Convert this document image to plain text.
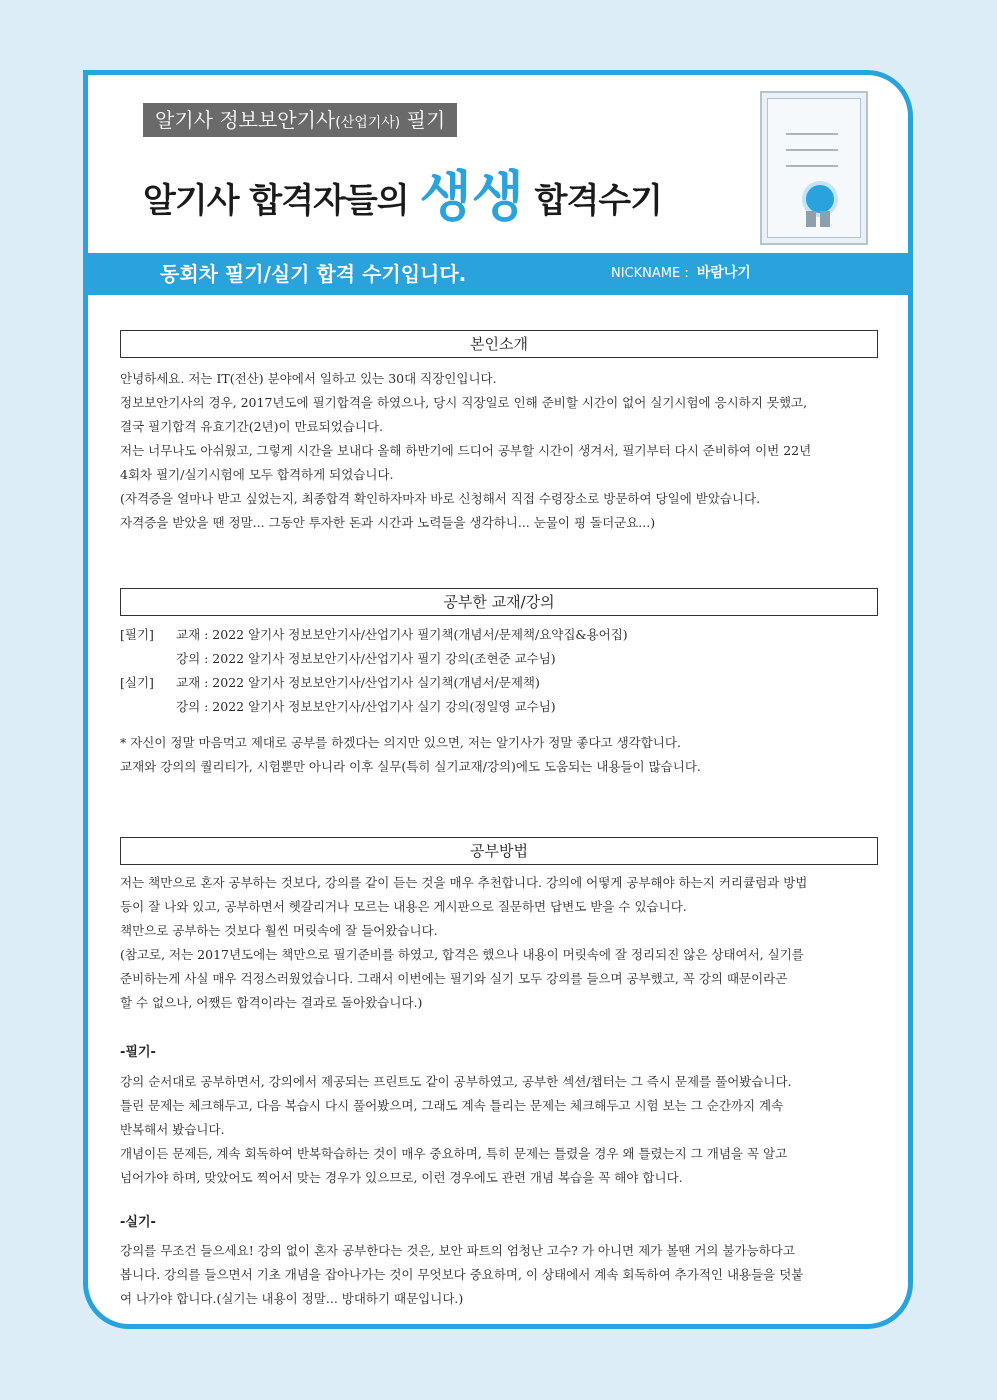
알기사 정보보안기사(산업기사) 필기
알기사 합격자들의 생생 합격수기
동회차 필기/실기 합격 수기입니다.	NICKNAME : 바람나기
본인소개

안녕하세요. 저는 IT(전산) 분야에서 일하고 있는 30대 직장인입니다.

정보보안기사의 경우, 2017년도에 필기합격을 하였으나, 당시 직장일로 인해 준비할 시간이 없어 실기시험에 응시하지 못했고,

결국 필기합격 유효기간(2년)이 만료되었습니다.

저는 너무나도 아쉬웠고, 그렇게 시간을 보내다 올해 하반기에 드디어 공부할 시간이 생겨서, 필기부터 다시 준비하여 이번 22년

4회차 필기/실기시험에 모두 합격하게 되었습니다.

(자격증을 얼마나 받고 싶었는지, 최종합격 확인하자마자 바로 신청해서 직접 수령장소로 방문하여 당일에 받았습니다.

자격증을 받았을 땐 정말... 그동안 투자한 돈과 시간과 노력들을 생각하니... 눈물이 핑 돌더군요...)

공부한 교재/강의
[필기]	교재 : 2022 알기사 정보보안기사/산업기사 필기책(개념서/문제책/요약집&용어집)
강의 : 2022 알기사 정보보안기사/산업기사 필기 강의(조현준 교수님)
[실기]	교재 : 2022 알기사 정보보안기사/산업기사 실기책(개념서/문제책)
강의 : 2022 알기사 정보보안기사/산업기사 실기 강의(정일영 교수님)

* 자신이 정말 마음먹고 제대로 공부를 하겠다는 의지만 있으면, 저는 알기사가 정말 좋다고 생각합니다.

교재와 강의의 퀄리티가, 시험뿐만 아니라 이후 실무(특히 실기교재/강의)에도 도움되는 내용들이 많습니다.

공부방법

저는 책만으로 혼자 공부하는 것보다, 강의를 같이 듣는 것을 매우 추천합니다. 강의에 어떻게 공부해야 하는지 커리큘럼과 방법

등이 잘 나와 있고, 공부하면서 헷갈리거나 모르는 내용은 게시판으로 질문하면 답변도 받을 수 있습니다.

책만으로 공부하는 것보다 훨씬 머릿속에 잘 들어왔습니다.

(참고로, 저는 2017년도에는 책만으로 필기준비를 하였고, 합격은 했으나 내용이 머릿속에 잘 정리되진 않은 상태여서, 실기를

준비하는게 사실 매우 걱정스러웠었습니다. 그래서 이번에는 필기와 실기 모두 강의를 들으며 공부했고, 꼭 강의 때문이라곤

할 수 없으나, 어쨌든 합격이라는 결과로 돌아왔습니다.)

-필기-

강의 순서대로 공부하면서, 강의에서 제공되는 프린트도 같이 공부하였고, 공부한 섹션/챕터는 그 즉시 문제를 풀어봤습니다.

틀린 문제는 체크해두고, 다음 복습시 다시 풀어봤으며, 그래도 계속 틀리는 문제는 체크해두고 시험 보는 그 순간까지 계속

반복해서 봤습니다.

개념이든 문제든, 계속 회독하여 반복학습하는 것이 매우 중요하며, 특히 문제는 틀렸을 경우 왜 틀렸는지 그 개념을 꼭 알고

넘어가야 하며, 맞았어도 찍어서 맞는 경우가 있으므로, 이런 경우에도 관련 개념 복습을 꼭 해야 합니다.

-실기-

강의를 무조건 들으세요! 강의 없이 혼자 공부한다는 것은, 보안 파트의 엄청난 고수? 가 아니면 제가 볼땐 거의 불가능하다고

봅니다. 강의를 들으면서 기초 개념을 잡아나가는 것이 무엇보다 중요하며, 이 상태에서 계속 회독하여 추가적인 내용들을 덧붙

여 나가야 합니다.(실기는 내용이 정말... 방대하기 때문입니다.)
